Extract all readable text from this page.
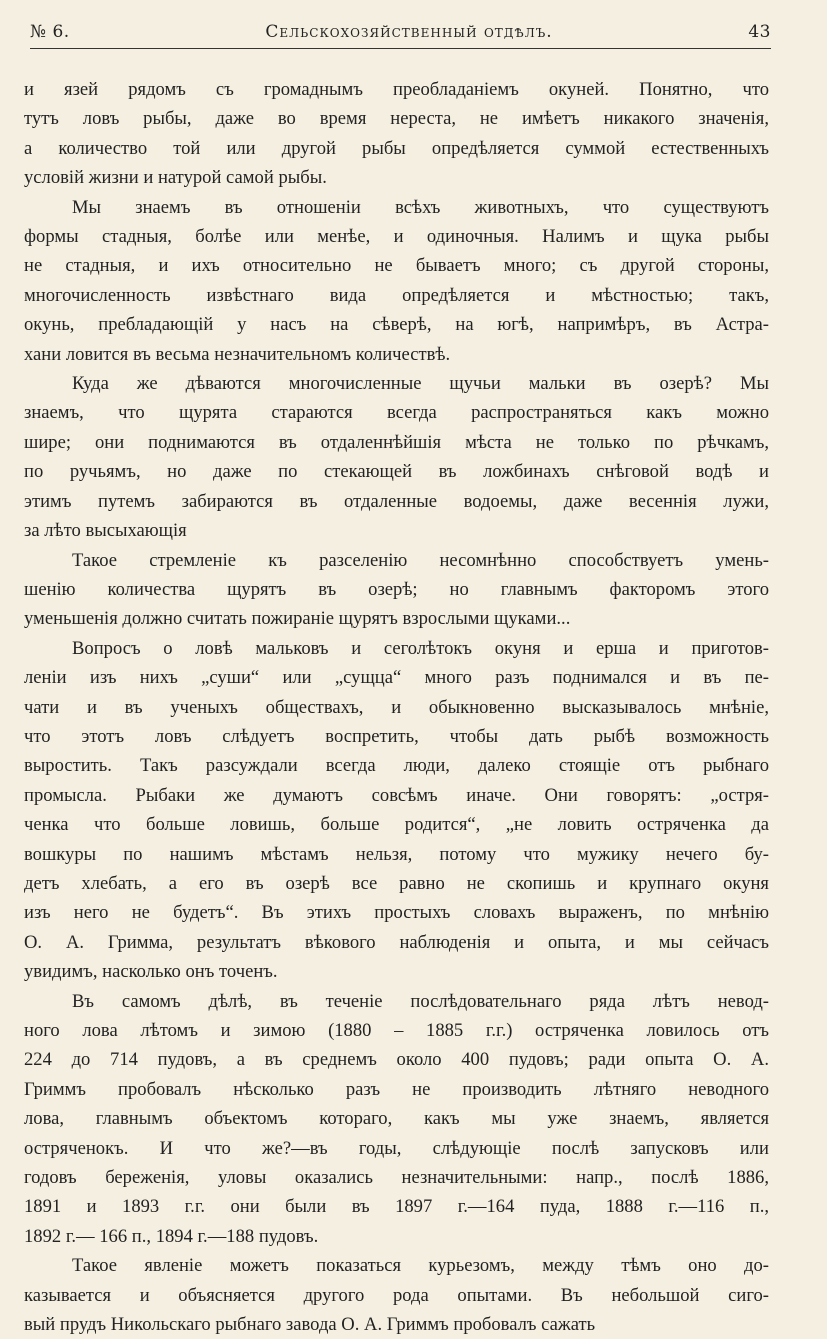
№ 6.	Сельскохозяйственный отдѣлъ.	43
и язей рядомъ съ громаднымъ преобладаніемъ окуней. Понятно, что
тутъ ловъ рыбы, даже во время нереста, не имѣетъ никакого значенія,
а количество той или другой рыбы опредѣляется суммой естественныхъ
условій жизни и натурой самой рыбы.
Мы знаемъ въ отношеніи всѣхъ животныхъ, что существуютъ
формы стадныя, болѣе или менѣе, и одиночныя. Налимъ и щука рыбы
не стадныя, и ихъ относительно не бываетъ много; съ другой стороны,
многочисленность извѣстнаго вида опредѣляется и мѣстностью; такъ,
окунь, преблaдающій у насъ на сѣверѣ, на югѣ, напримѣръ, въ Астра-
хани ловится въ весьма незначительномъ количествѣ.
Куда же дѣваются многочисленные щучьи мальки въ озерѣ? Мы
знаемъ, что щурята стараются всегда распространяться какъ можно
шире; они поднимаются въ отдаленнѣйшія мѣста не только по рѣчкамъ,
по ручьямъ, но даже по стекающей въ ложбинахъ снѣговой водѣ и
этимъ путемъ забираются въ отдаленные водоемы, даже весеннія лужи,
за лѣто высыхающія
Такое стремленіе къ разселенію несомнѣнно способствуетъ умень-
шенію количества щурятъ въ озерѣ; но главнымъ факторомъ этого
уменьшенія должно считать пожираніе щурятъ взрослыми щуками...
Вопросъ о ловѣ мальковъ и сеголѣтокъ окуня и ерша и приготов-
леніи изъ нихъ „суши“ или „сущца“ много разъ поднимался и въ пе-
чати и въ ученыхъ обществахъ, и обыкновенно высказывалось мнѣніе,
что этотъ ловъ слѣдуетъ воспретить, чтобы дать рыбѣ возможность
выростить. Такъ разсуждали всегда люди, далеко стоящіе отъ рыбнаго
промысла. Рыбаки же думаютъ совсѣмъ иначе. Они говорятъ: „остря-
ченка что больше ловишь, больше родится“, „не ловить остряченка да
вошкуры по нашимъ мѣстамъ нельзя, потому что мужику нечего бу-
детъ хлебать, а его въ озерѣ все равно не скопишь и крупнаго окуня
изъ него не будетъ“. Въ этихъ простыхъ словахъ выраженъ, по мнѣнію
О. А. Гримма, результатъ вѣкового наблюденія и опыта, и мы сейчасъ
увидимъ, насколько онъ точенъ.
Въ самомъ дѣлѣ, въ теченіе послѣдовательнаго ряда лѣтъ невод-
ного лова лѣтомъ и зимою (1880 – 1885 г.г.) остряченка ловилось отъ
224 до 714 пудовъ, а въ среднемъ около 400 пудовъ; ради опыта О. А.
Гриммъ пробовалъ нѣсколько разъ не производить лѣтняго неводного
лова, главнымъ объектомъ котораго, какъ мы уже знаемъ, является
остряченокъ. И что же?—въ годы, слѣдующіе послѣ запусковъ или
годовъ береженія, уловы оказались незначительными: напр., послѣ 1886,
1891 и 1893 г.г. они были въ 1897 г.—164 пуда, 1888 г.—116 п.,
1892 г.— 166 п., 1894 г.—188 пудовъ.
Такое явленіе можетъ показаться курьезомъ, между тѣмъ оно до-
казывается и объясняется другого рода опытами. Въ небольшой сиго-
вый прудъ Никольскаго рыбнаго завода О. А. Гриммъ пробовалъ сажать
